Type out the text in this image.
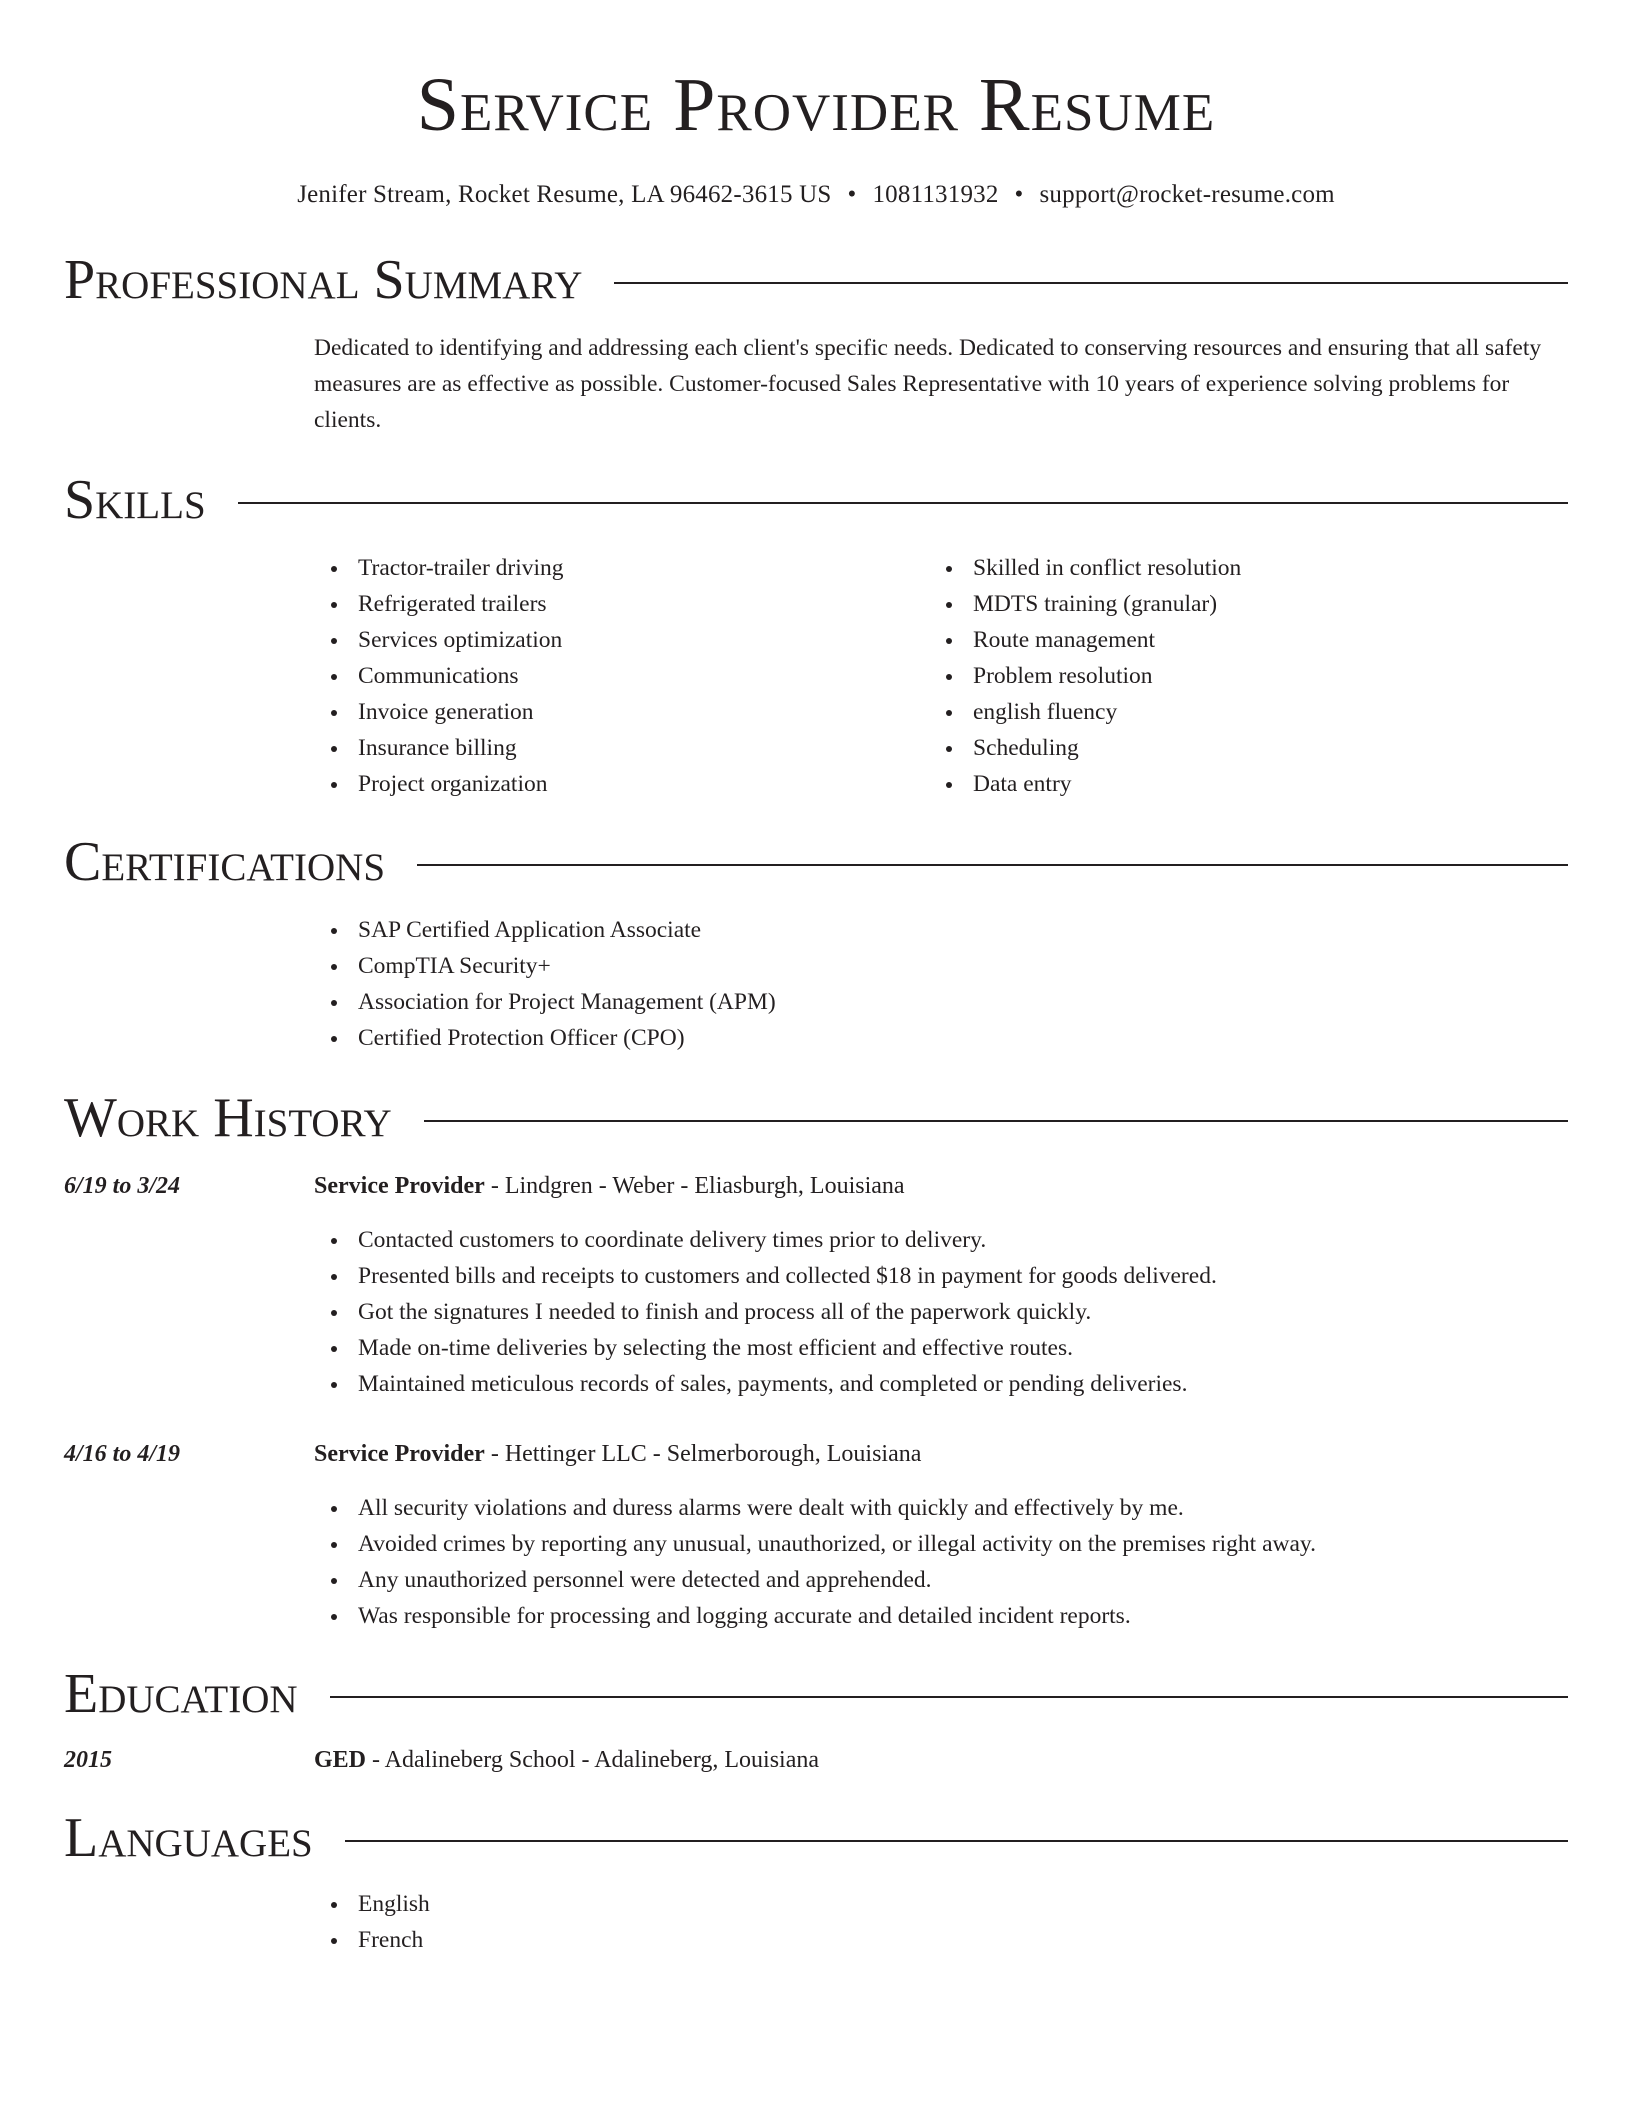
Service Provider Resume
Jenifer Stream, Rocket Resume, LA 96462-3615 US • 1081131932 • support@rocket-resume.com
Professional Summary

Dedicated to identifying and addressing each client's specific needs. Dedicated to conserving resources and ensuring that all safety measures are as effective as possible. Customer-focused Sales Representative with 10 years of experience solving problems for clients.

Skills
Tractor-trailer driving
Refrigerated trailers
Services optimization
Communications
Invoice generation
Insurance billing
Project organization
Skilled in conflict resolution
MDTS training (granular)
Route management
Problem resolution
english fluency
Scheduling
Data entry
Certifications
SAP Certified Application Associate
CompTIA Security+
Association for Project Management (APM)
Certified Protection Officer (CPO)
Work History
6/19 to 3/24	Service Provider - Lindgren - Weber - Eliasburgh, Louisiana
Contacted customers to coordinate delivery times prior to delivery.
Presented bills and receipts to customers and collected $18 in payment for goods delivered.
Got the signatures I needed to finish and process all of the paperwork quickly.
Made on-time deliveries by selecting the most efficient and effective routes.
Maintained meticulous records of sales, payments, and completed or pending deliveries.
4/16 to 4/19	Service Provider - Hettinger LLC - Selmerborough, Louisiana
All security violations and duress alarms were dealt with quickly and effectively by me.
Avoided crimes by reporting any unusual, unauthorized, or illegal activity on the premises right away.
Any unauthorized personnel were detected and apprehended.
Was responsible for processing and logging accurate and detailed incident reports.
Education
2015	GED - Adalineberg School - Adalineberg, Louisiana
Languages
English
French
